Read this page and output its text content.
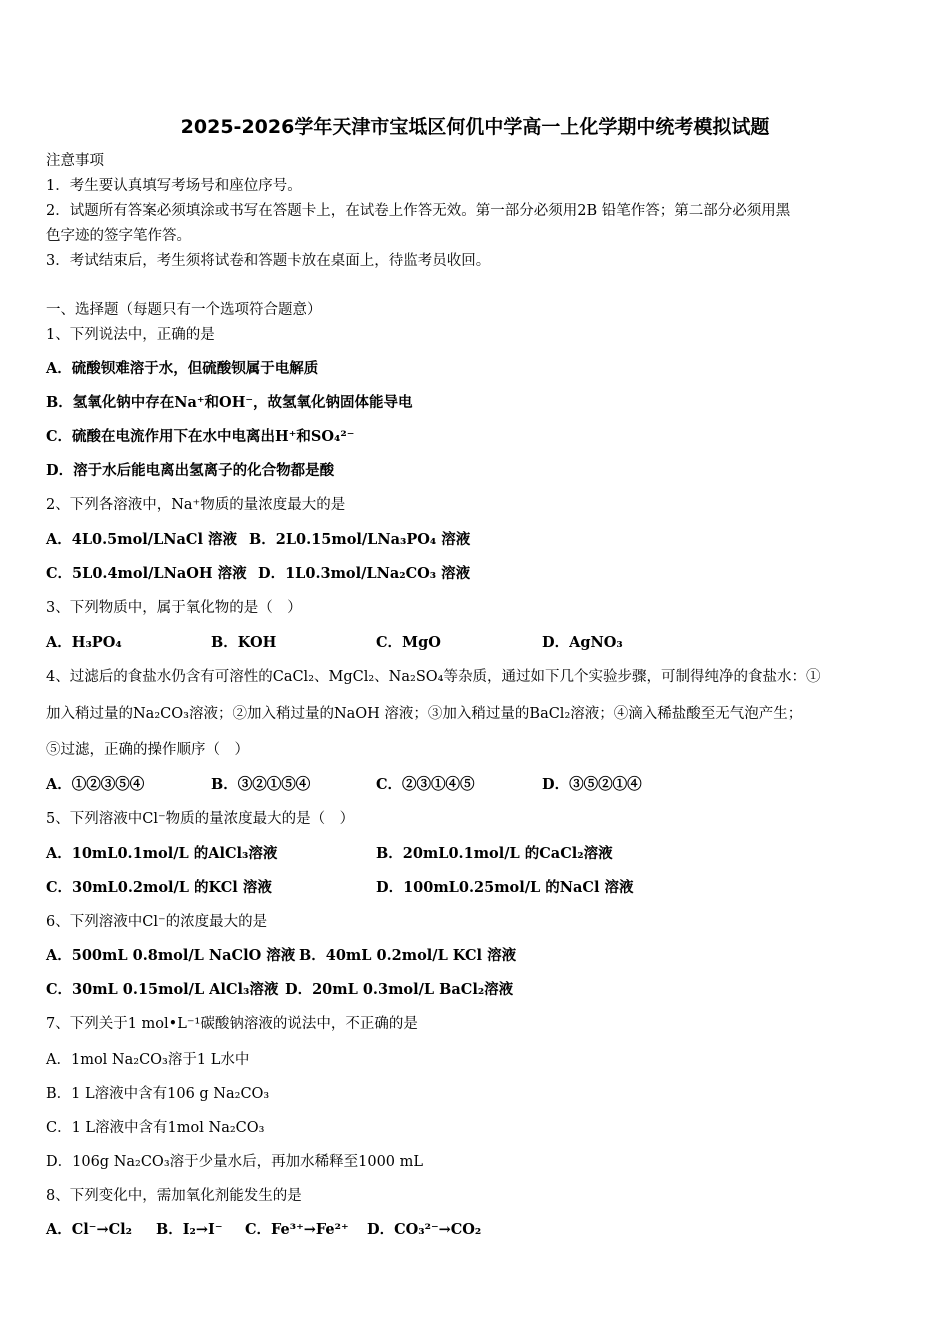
2025-2026学年天津市宝坻区何仉中学高一上化学期中统考模拟试题
注意事项
1．考生要认真填写考场号和座位序号。
2．试题所有答案必须填涂或书写在答题卡上，在试卷上作答无效。第一部分必须用2B 铅笔作答；第二部分必须用黑
色字迹的签字笔作答。
3．考试结束后，考生须将试卷和答题卡放在桌面上，待监考员收回。
一、选择题（每题只有一个选项符合题意）
1、下列说法中，正确的是
A．硫酸钡难溶于水，但硫酸钡属于电解质
B．氢氧化钠中存在Na⁺和OH⁻，故氢氧化钠固体能导电
C．硫酸在电流作用下在水中电离出H⁺和SO₄²⁻
D．溶于水后能电离出氢离子的化合物都是酸
2、下列各溶液中，Na⁺物质的量浓度最大的是
A．4L0.5mol/LNaCl 溶液 B．2L0.15mol/LNa₃PO₄ 溶液
C．5L0.4mol/LNaOH 溶液 D．1L0.3mol/LNa₂CO₃ 溶液
3、下列物质中，属于氧化物的是（　）
A．H₃PO₄	B．KOH	C．MgO	D．AgNO₃
4、过滤后的食盐水仍含有可溶性的CaCl₂、MgCl₂、Na₂SO₄等杂质，通过如下几个实验步骤，可制得纯净的食盐水：①
加入稍过量的Na₂CO₃溶液；②加入稍过量的NaOH 溶液；③加入稍过量的BaCl₂溶液；④滴入稀盐酸至无气泡产生；
⑤过滤，正确的操作顺序（　）
A．①②③⑤④	B．③②①⑤④	C．②③①④⑤	D．③⑤②①④
5、下列溶液中Cl⁻物质的量浓度最大的是（　）
A．10mL0.1mol/L 的AlCl₃溶液	B．20mL0.1mol/L 的CaCl₂溶液
C．30mL0.2mol/L 的KCl 溶液	D．100mL0.25mol/L 的NaCl 溶液
6、下列溶液中Cl⁻的浓度最大的是
A．500mL 0.8mol/L NaClO 溶液 B．40mL 0.2mol/L KCl 溶液
C．30mL 0.15mol/L AlCl₃溶液 D．20mL 0.3mol/L BaCl₂溶液
7、下列关于1 mol•L⁻¹碳酸钠溶液的说法中，不正确的是
A．1mol Na₂CO₃溶于1 L水中
B．1 L溶液中含有106 g Na₂CO₃
C．1 L溶液中含有1mol Na₂CO₃
D．106g Na₂CO₃溶于少量水后，再加水稀释至1000 mL
8、下列变化中，需加氧化剂能发生的是
A．Cl⁻→Cl₂ B．I₂→I⁻ C．Fe³⁺→Fe²⁺ D．CO₃²⁻→CO₂
